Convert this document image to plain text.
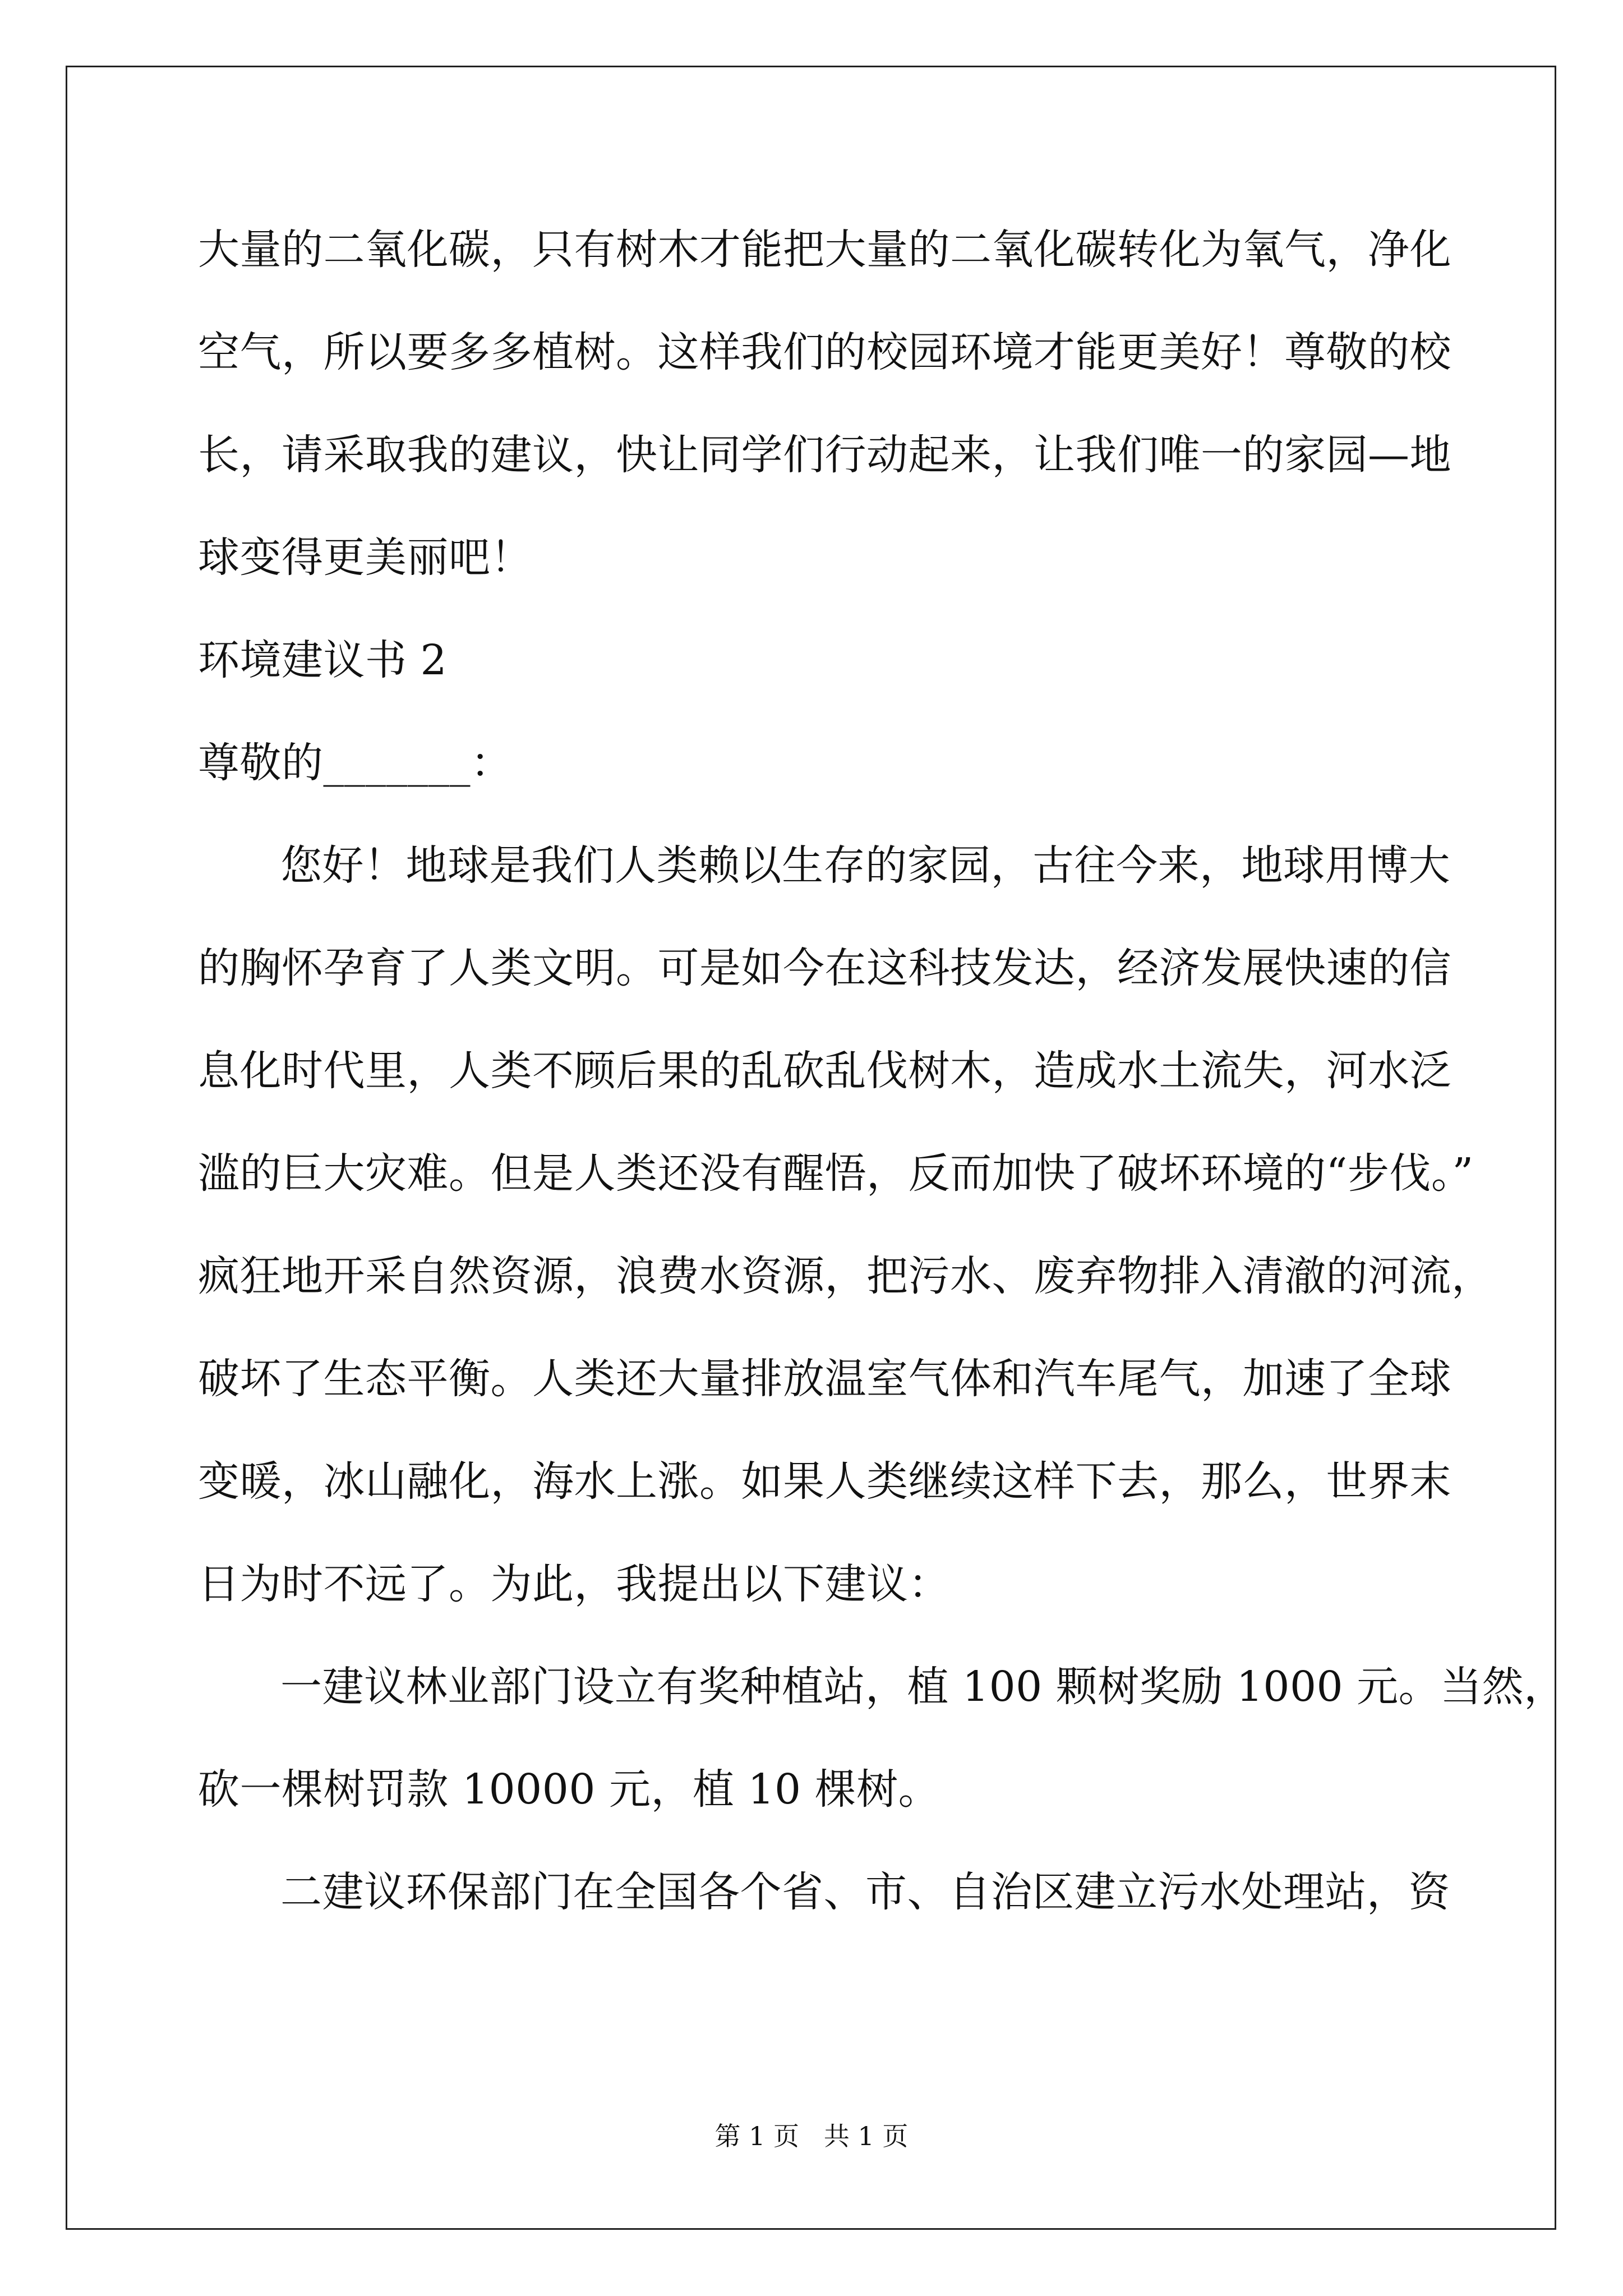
大量的二氧化碳，只有树木才能把大量的二氧化碳转化为氧气，净化
空气，所以要多多植树。这样我们的校园环境才能更美好！尊敬的校
长，请采取我的建议，快让同学们行动起来，让我们唯一的家园—地
球变得更美丽吧！
环境建议书 2
尊敬的_______：
您好！地球是我们人类赖以生存的家园，古往今来，地球用博大
的胸怀孕育了人类文明。可是如今在这科技发达，经济发展快速的信
息化时代里，人类不顾后果的乱砍乱伐树木，造成水土流失，河水泛
滥的巨大灾难。但是人类还没有醒悟，反而加快了破坏环境的“步伐。”
疯狂地开采自然资源，浪费水资源，把污水、废弃物排入清澈的河流，
破坏了生态平衡。人类还大量排放温室气体和汽车尾气，加速了全球
变暖，冰山融化，海水上涨。如果人类继续这样下去，那么，世界末
日为时不远了。为此，我提出以下建议：
一建议林业部门设立有奖种植站，植 100 颗树奖励 1000 元。当然，
砍一棵树罚款 10000 元，植 10 棵树。
二建议环保部门在全国各个省、市、自治区建立污水处理站，资
第 1 页   共 1 页
